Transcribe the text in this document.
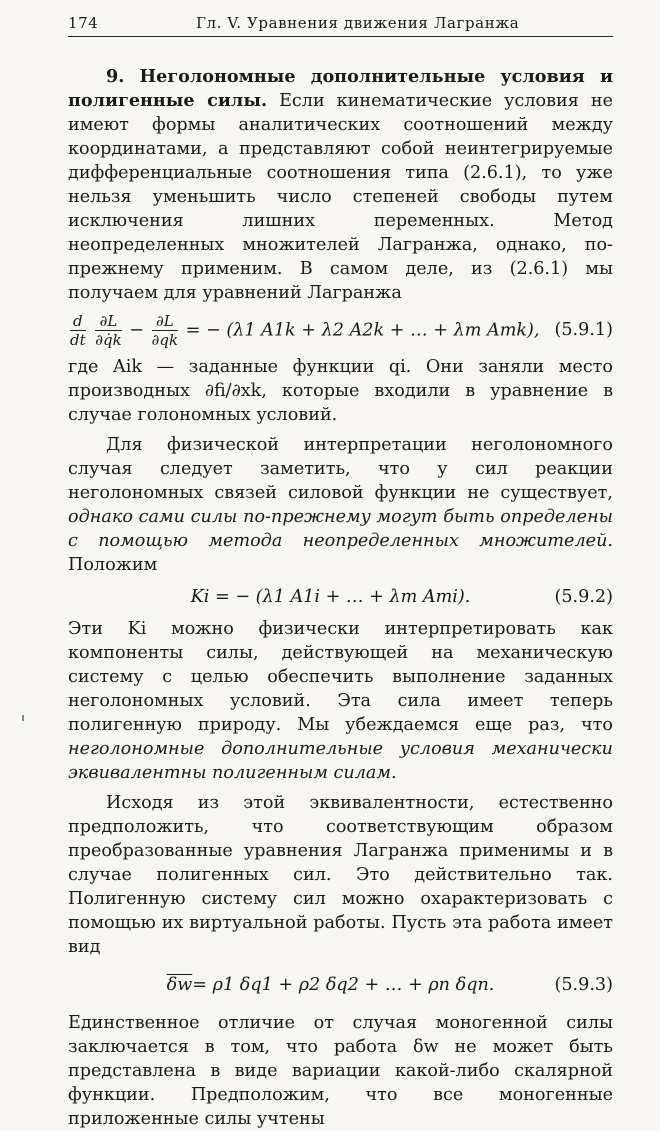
174	Гл. V. Уравнения движения Лагранжа

9. Неголономные дополнительные условия и полигенные силы. Если кинематические условия не имеют формы аналитических соотношений между координатами, а представляют собой неинтегрируемые дифференциальные соотношения типа (2.6.1), то уже нельзя уменьшить число степеней свободы путем исключения лишних переменных. Метод неопределенных множителей Лагранжа, однако, по-прежнему применим. В самом деле, из (2.6.1) мы получаем для уравнений Лагранжа

$\frac{d}{dt}$
$\frac{\partial L}{\partial q̇k} - \frac{\partial L}{\partial qk}$ = − (λ1 A1k + λ2 A2k + … + λm Amk), (5.9.1)

где Aik — заданные функции qi. Они заняли место производных ∂fi/∂xk, которые входили в уравнение в случае голономных условий.

Для физической интерпретации неголономного случая следует заметить, что у сил реакции неголономных связей силовой функции не существует, однако сами силы по-прежнему могут быть определены с помощью метода неопределенных множителей. Положим

Ki = − (λ1 A1i + … + λm Ami).	(5.9.2)

Эти Ki можно физически интерпретировать как компоненты силы, действующей на механическую систему с целью обеспечить выполнение заданных неголономных условий. Эта сила имеет теперь полигенную природу. Мы убеждаемся еще раз, что неголономные дополнительные условия механически эквивалентны полигенным силам.

Исходя из этой эквивалентности, естественно предположить, что соответствующим образом преобразованные уравнения Лагранжа применимы и в случае полигенных сил. Это действительно так. Полигенную систему сил можно охарактеризовать с помощью их виртуальной работы. Пусть эта работа имеет вид

$\overline{\delta w}= \rho 1$ δq1 + ρ2 δq2 + … + ρn δqn.	(5.9.3)

Единственное отличие от случая моногенной силы заключается в том, что работа δw не может быть представлена в виде вариации какой-либо скалярной функции. Предположим, что все моногенные приложенные силы учтены
